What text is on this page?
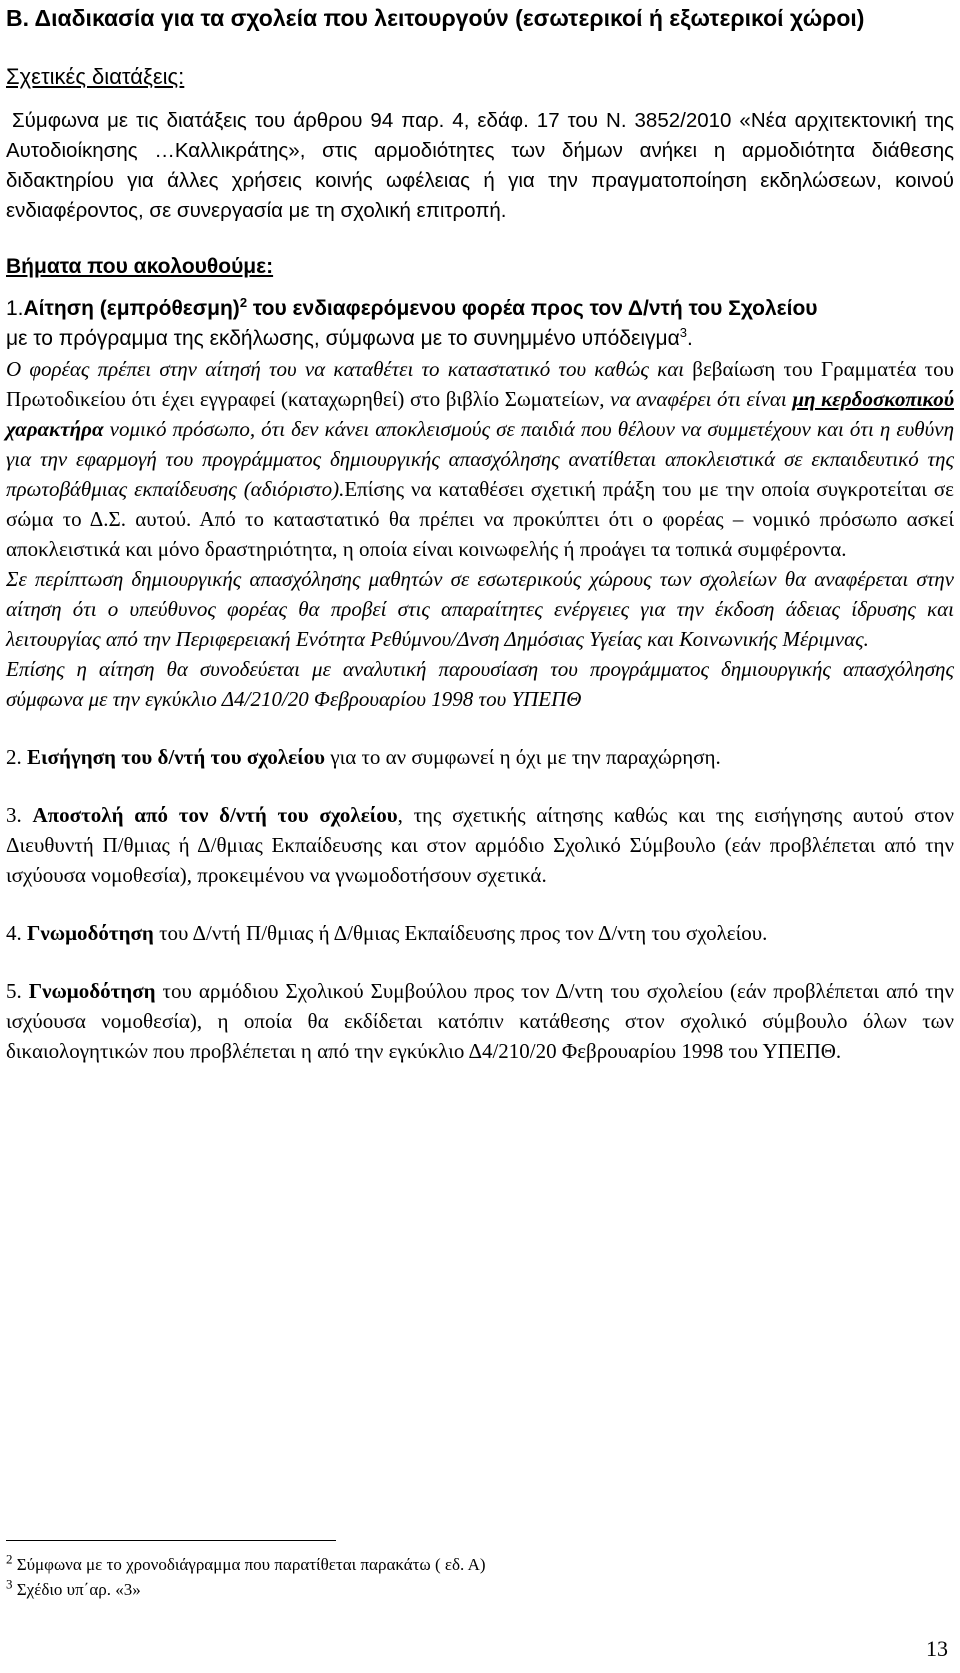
Β. Διαδικασία για τα σχολεία που λειτουργούν (εσωτερικοί ή εξωτερικοί χώροι)
Σχετικές διατάξεις:

Σύμφωνα με τις διατάξεις του άρθρου 94 παρ. 4, εδάφ. 17 του Ν. 3852/2010 «Νέα αρχιτεκτονική της Αυτοδιοίκησης …Καλλικράτης», στις αρμοδιότητες των δήμων ανήκει η αρμοδιότητα διάθεσης διδακτηρίου για άλλες χρήσεις κοινής ωφέλειας ή για την πραγματοποίηση εκδηλώσεων, κοινού ενδιαφέροντος, σε συνεργασία με τη σχολική επιτροπή.

Βήματα που ακολουθούμε:

1.Αίτηση $(\varepsilon\mu\pi\rho ό\theta\varepsilon\sigma\mu\eta)^2$ του ενδιαφερόμενου φορέα προς τον Δ/ντή του Σχολείου
με το πρόγραμμα της εκδήλωσης, σύμφωνα με το συνημμένο υπόδειγμα$^3$.

Ο φορέας πρέπει στην αίτησή του να καταθέτει το καταστατικό του καθώς και βεβαίωση του Γραμματέα του Πρωτοδικείου ότι έχει εγγραφεί (καταχωρηθεί) στο βιβλίο Σωματείων, να αναφέρει ότι είναι μη κερδοσκοπικού χαρακτήρα νομικό πρόσωπο, ότι δεν κάνει αποκλεισμούς σε παιδιά που θέλουν να συμμετέχουν και ότι η ευθύνη για την εφαρμογή του προγράμματος δημιουργικής απασχόλησης ανατίθεται αποκλειστικά σε εκπαιδευτικό της πρωτοβάθμιας εκπαίδευσης (αδιόριστο).Επίσης να καταθέσει σχετική πράξη του με την οποία συγκροτείται σε σώμα το Δ.Σ. αυτού. Από το καταστατικό θα πρέπει να προκύπτει ότι ο φορέας – νομικό πρόσωπο ασκεί αποκλειστικά και μόνο δραστηριότητα, η οποία είναι κοινωφελής ή προάγει τα τοπικά συμφέροντα.

Σε περίπτωση δημιουργικής απασχόλησης μαθητών σε εσωτερικούς χώρους των σχολείων θα αναφέρεται στην αίτηση ότι ο υπεύθυνος φορέας θα προβεί στις απαραίτητες ενέργειες για την έκδοση άδειας ίδρυσης και λειτουργίας από την Περιφερειακή Ενότητα Ρεθύμνου/Δνση Δημόσιας Υγείας και Κοινωνικής Μέριμνας.

Επίσης η αίτηση θα συνοδεύεται με αναλυτική παρουσίαση του προγράμματος δημιουργικής απασχόλησης σύμφωνα με την εγκύκλιο Δ4/210/20 Φεβρουαρίου 1998 του ΥΠΕΠΘ

2. Εισήγηση του δ/ντή του σχολείου για το αν συμφωνεί η όχι με την παραχώρηση.

3. Αποστολή από τον δ/ντή του σχολείου, της σχετικής αίτησης καθώς και της εισήγησης αυτού στον Διευθυντή Π/θμιας ή Δ/θμιας Εκπαίδευσης και στον αρμόδιο Σχολικό Σύμβουλο (εάν προβλέπεται από την ισχύουσα νομοθεσία), προκειμένου να γνωμοδοτήσουν σχετικά.

4. Γνωμοδότηση του Δ/ντή Π/θμιας ή Δ/θμιας Εκπαίδευσης προς τον Δ/ντη του σχολείου.

5. Γνωμοδότηση του αρμόδιου Σχολικού Συμβούλου προς τον Δ/ντη του σχολείου (εάν προβλέπεται από την ισχύουσα νομοθεσία), η οποία θα εκδίδεται κατόπιν κατάθεσης στον σχολικό σύμβουλο όλων των δικαιολογητικών που προβλέπεται η από την εγκύκλιο Δ4/210/20 Φεβρουαρίου 1998 του ΥΠΕΠΘ.

$^2$ Σύμφωνα με το χρονοδιάγραμμα που παρατίθεται παρακάτω ( εδ. Α)

$^3$ Σχέδιο υπ΄αρ. «3»

13
